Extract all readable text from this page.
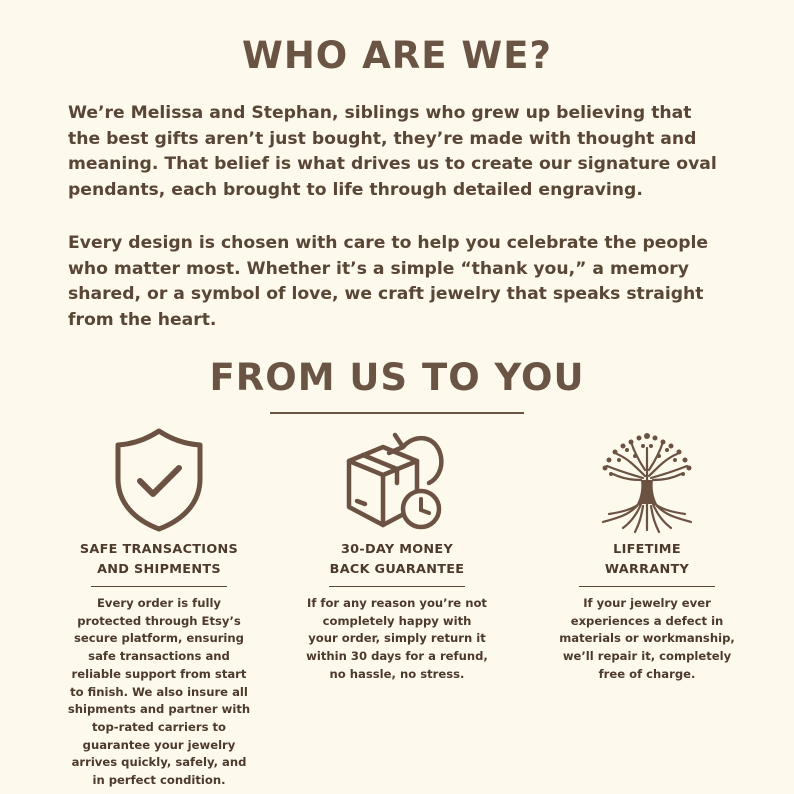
WHO ARE WE?

We’re Melissa and Stephan, siblings who grew up believing that the best gifts aren’t just bought, they’re made with thought and meaning. That belief is what drives us to create our signature oval pendants, each brought to life through detailed engraving.

Every design is chosen with care to help you celebrate the people who matter most. Whether it’s a simple “thank you,” a memory shared, or a symbol of love, we craft jewelry that speaks straight from the heart.

FROM US TO YOU
SAFE TRANSACTIONS
AND SHIPMENTS
Every order is fully
protected through Etsy’s
secure platform, ensuring
safe transactions and
reliable support from start
to finish. We also insure all
shipments and partner with
top-rated carriers to
guarantee your jewelry
arrives quickly, safely, and
in perfect condition.
30-DAY MONEY
BACK GUARANTEE
If for any reason you’re not
completely happy with
your order, simply return it
within 30 days for a refund,
no hassle, no stress.
LIFETIME
WARRANTY
If your jewelry ever
experiences a defect in
materials or workmanship,
we’ll repair it, completely
free of charge.
